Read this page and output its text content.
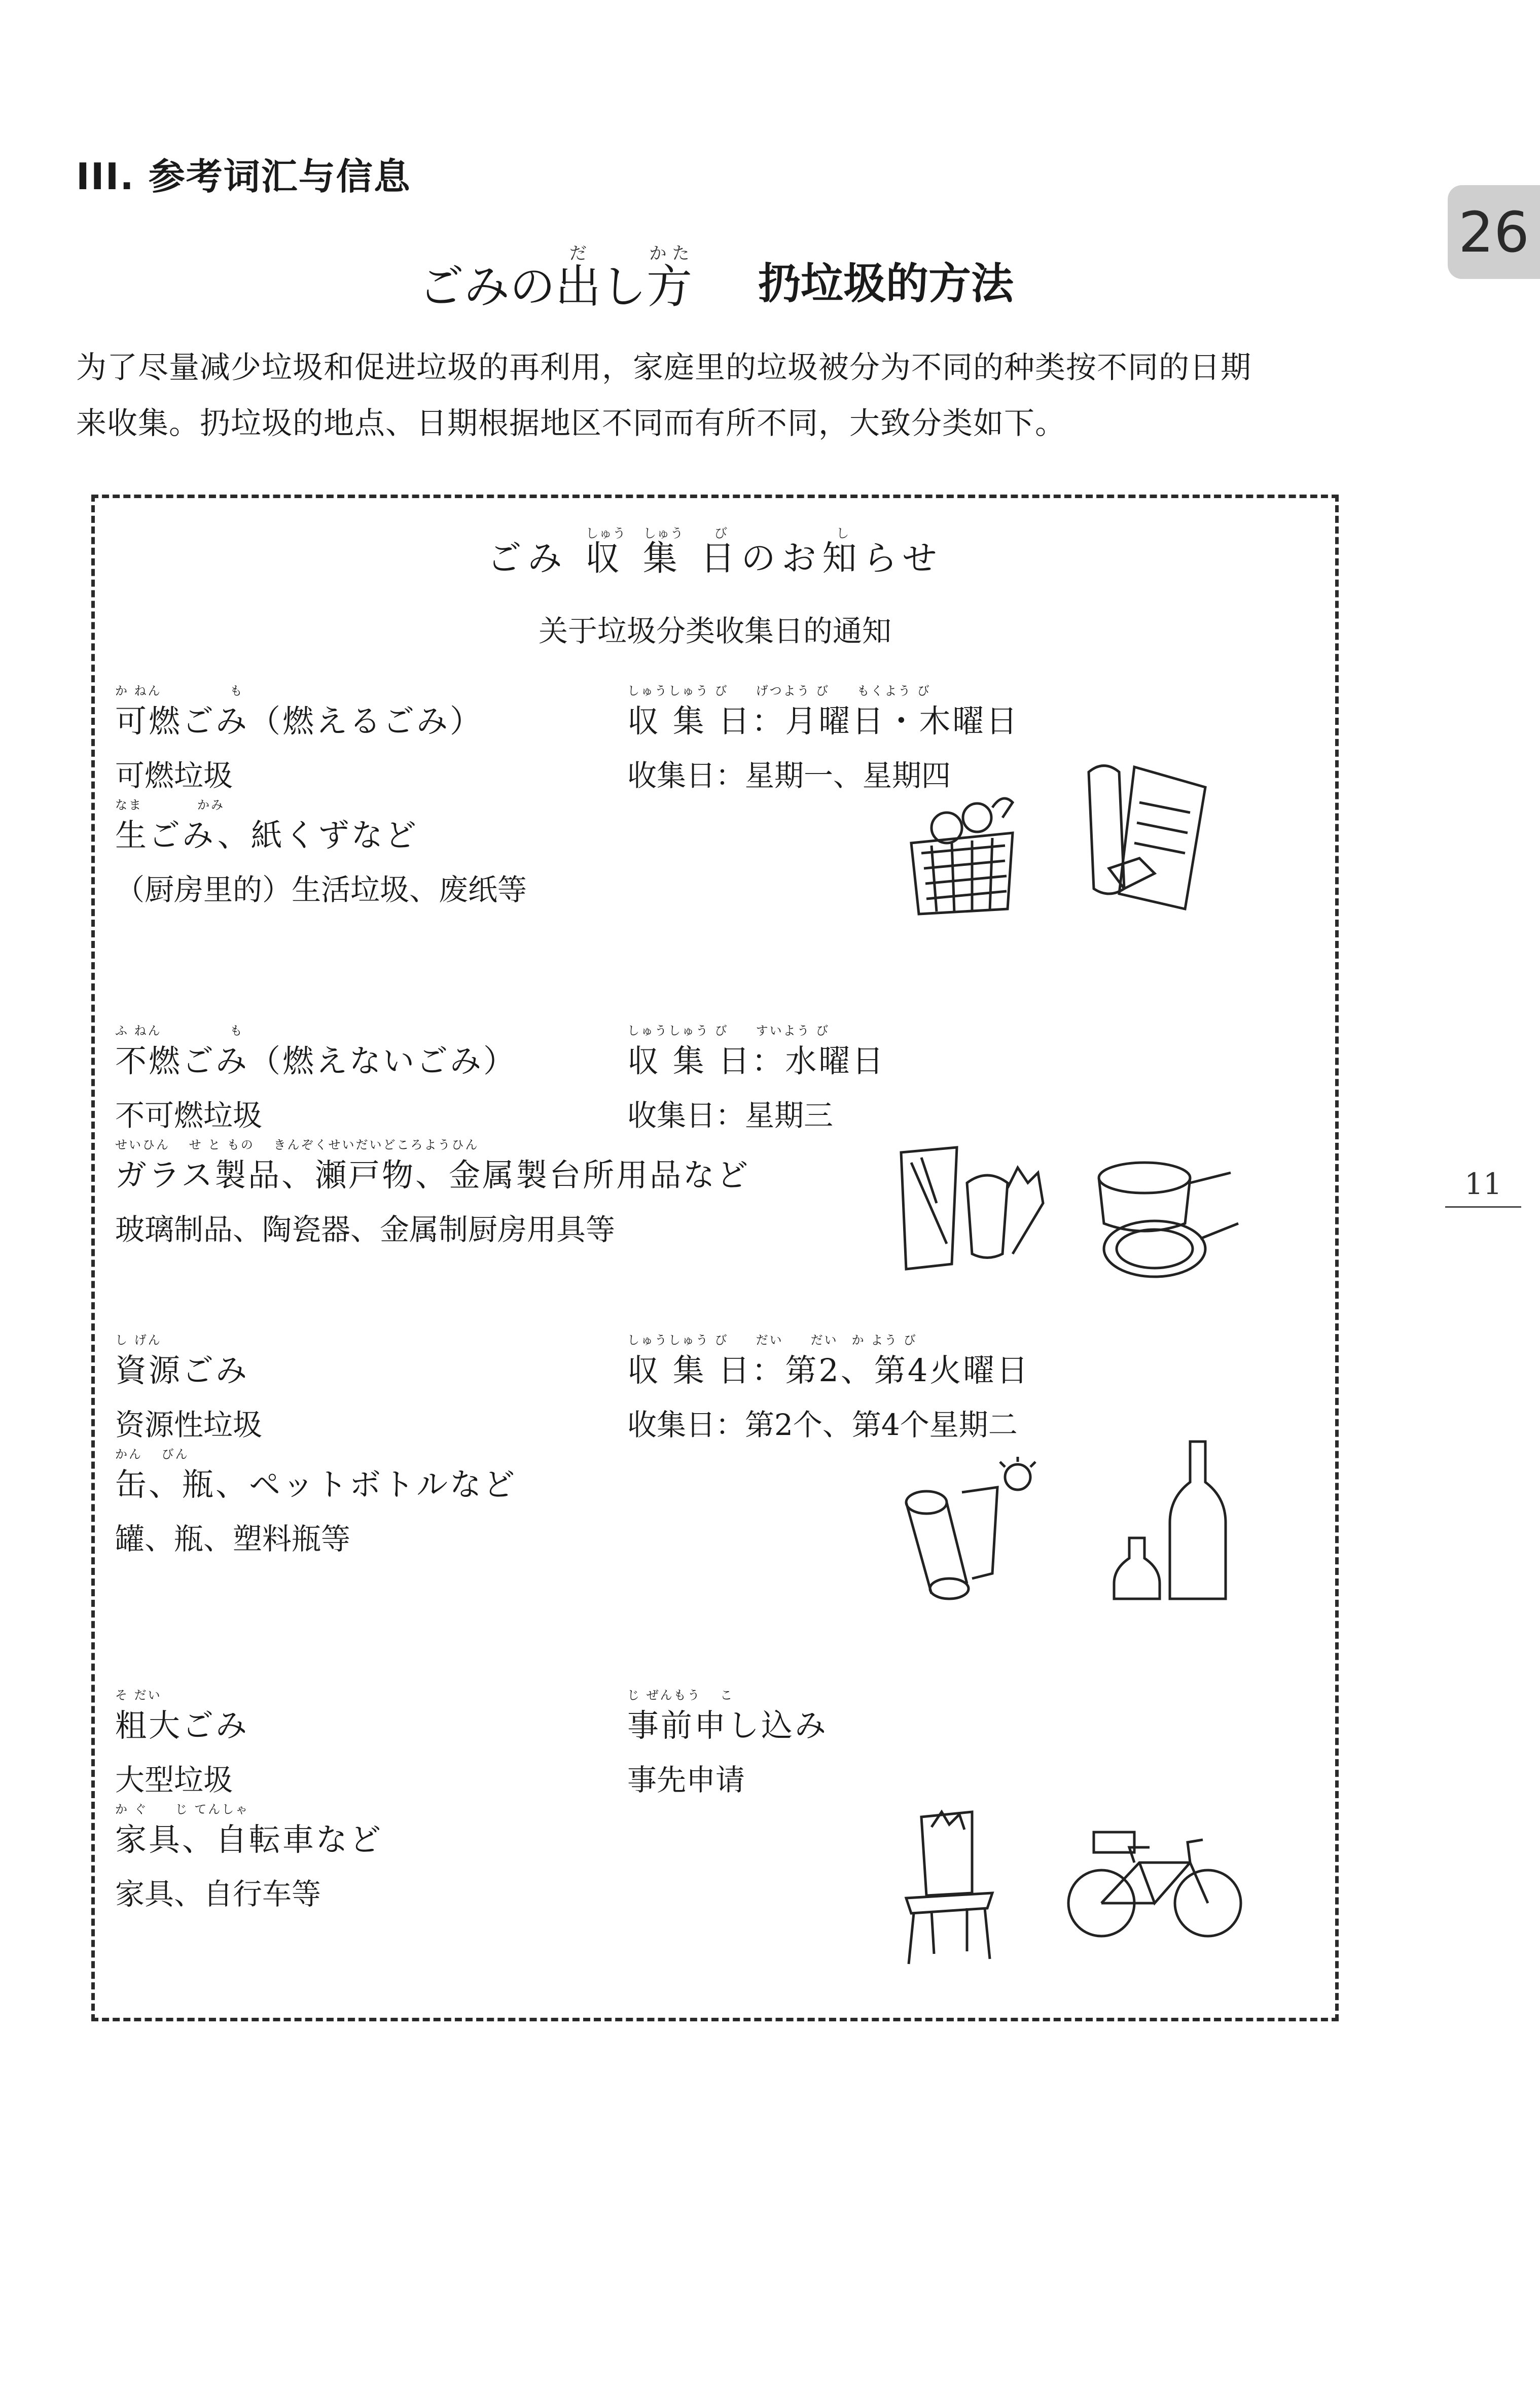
III. 参考词汇与信息
26
11
ごみの出だし方かた
扔垃圾的方法
为了尽量减少垃圾和促进垃圾的再利用，家庭里的垃圾被分为不同的种类按不同的日期
来收集。扔垃圾的地点、日期根据地区不同而有所不同，大致分类如下。
ごみ 収しゅう 集しゅう 日びのお知しらせ
关于垃圾分类收集日的通知
か ねん　　　　　も
可燃ごみ（燃えるごみ）
可燃垃圾
なま　　　　かみ
生ごみ、紙くずなど
（厨房里的）生活垃圾、废纸等
しゅうしゅう び　　げつよう び　　もくよう び
収 集 日：月曜日・木曜日
收集日：星期一、星期四
ふ ねん　　　　　も
不燃ごみ（燃えないごみ）
不可燃垃圾
せいひん　 せ と もの　 きんぞくせいだいどころようひん
ガラス製品、瀬戸物、金属製台所用品など
玻璃制品、陶瓷器、金属制厨房用具等
しゅうしゅう び　　すいよう び
収 集 日：水曜日
收集日：星期三
し げん
資源ごみ
资源性垃圾
かん　 びん
缶、瓶、ペットボトルなど
罐、瓶、塑料瓶等
しゅうしゅう び　　だい　　だい　か よう び
収 集 日：第2、第4火曜日
收集日：第2个、第4个星期二
そ だい
粗大ごみ
大型垃圾
か ぐ　　じ てんしゃ
家具、自転車など
家具、自行车等
じ ぜんもう　 こ
事前申し込み
事先申请
